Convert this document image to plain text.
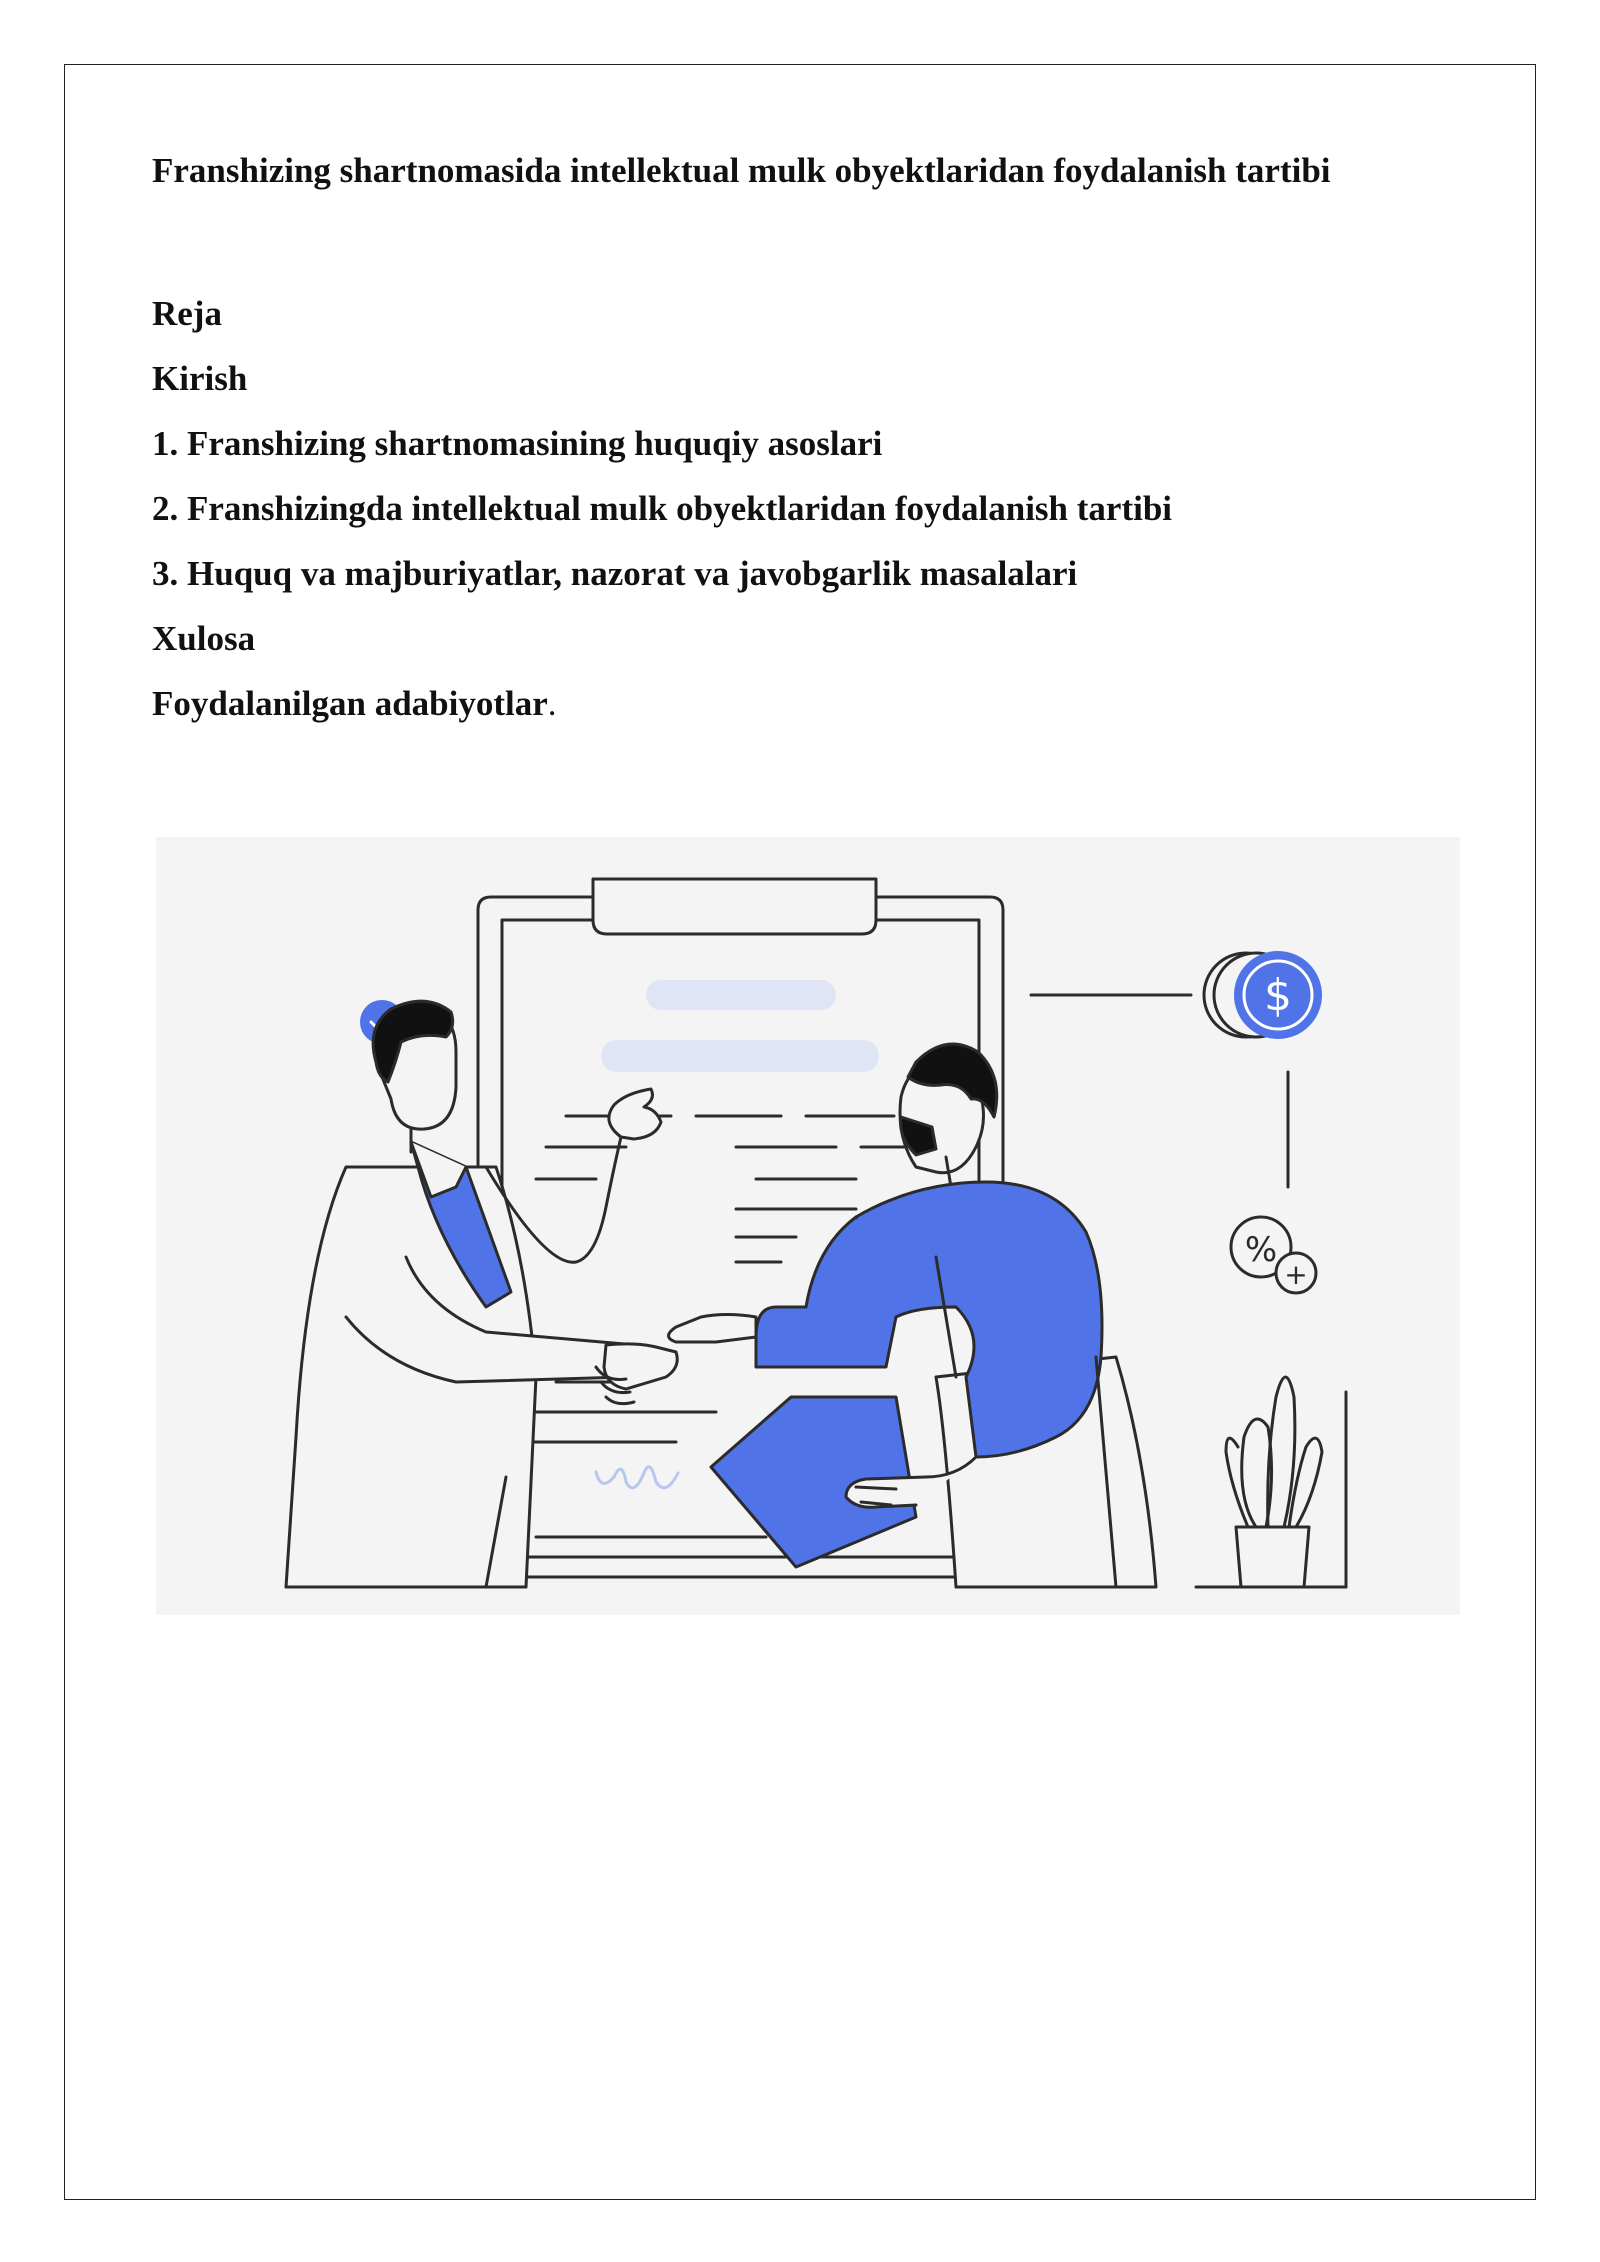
Franshizing shartnomasida intellektual mulk obyektlaridan foydalanish tartibi
Reja
Kirish
1. Franshizing shartnomasining huquqiy asoslari
2. Franshizingda intellektual mulk obyektlaridan foydalanish tartibi
3. Huquq va majburiyatlar, nazorat va javobgarlik masalalari
Xulosa
Foydalanilgan adabiyotlar.
$
%
+
